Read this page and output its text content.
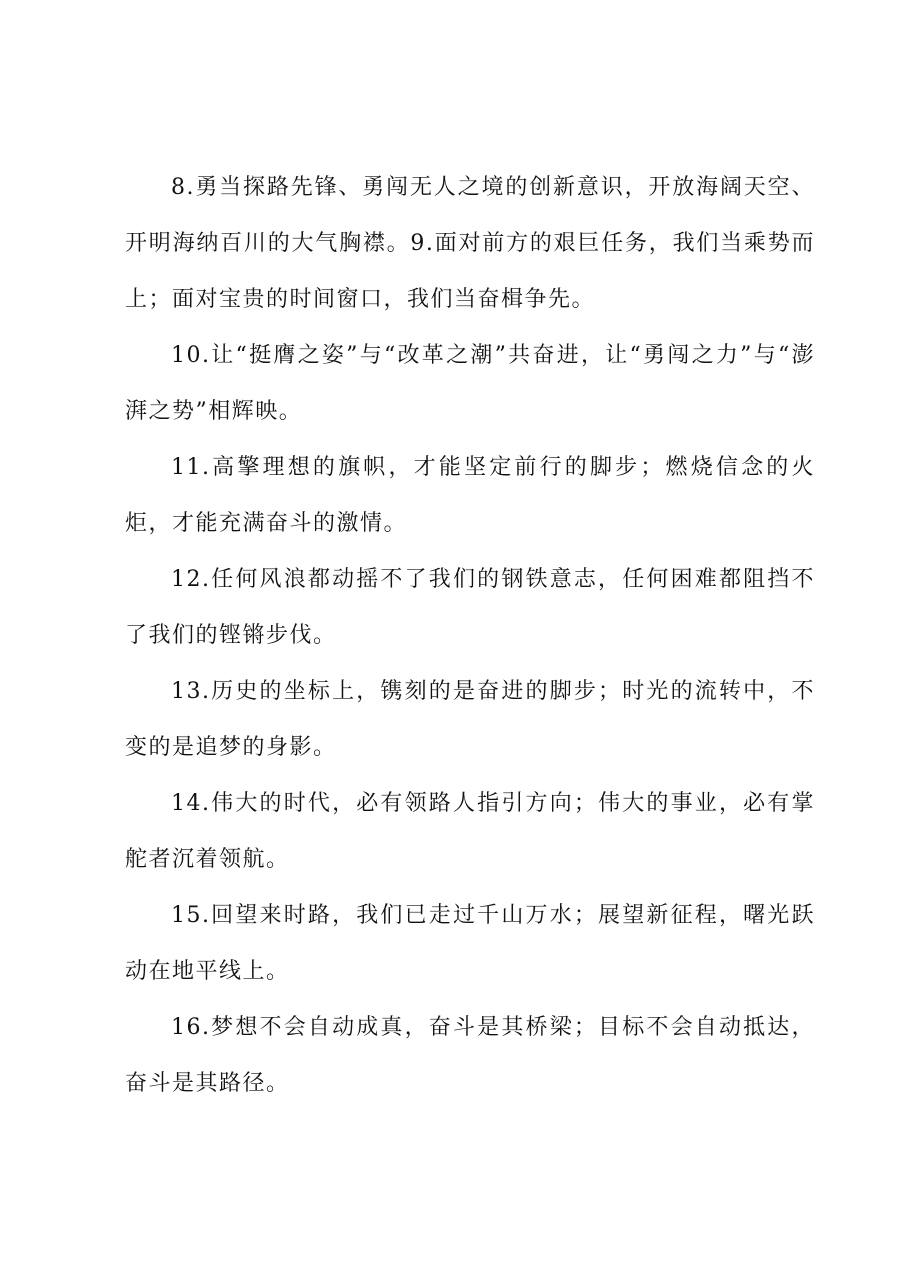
8.勇当探路先锋、勇闯无人之境的创新意识，开放海阔天空、开明海纳百川的大气胸襟。9.面对前方的艰巨任务，我们当乘势而上；面对宝贵的时间窗口，我们当奋楫争先。

10.让“挺膺之姿”与“改革之潮”共奋进，让“勇闯之力”与“澎湃之势”相辉映。

11.高擎理想的旗帜，才能坚定前行的脚步；燃烧信念的火炬，才能充满奋斗的激情。

12.任何风浪都动摇不了我们的钢铁意志，任何困难都阻挡不了我们的铿锵步伐。

13.历史的坐标上，镌刻的是奋进的脚步；时光的流转中，不变的是追梦的身影。

14.伟大的时代，必有领路人指引方向；伟大的事业，必有掌舵者沉着领航。

15.回望来时路，我们已走过千山万水；展望新征程，曙光跃动在地平线上。

16.梦想不会自动成真，奋斗是其桥梁；目标不会自动抵达，奋斗是其路径。
